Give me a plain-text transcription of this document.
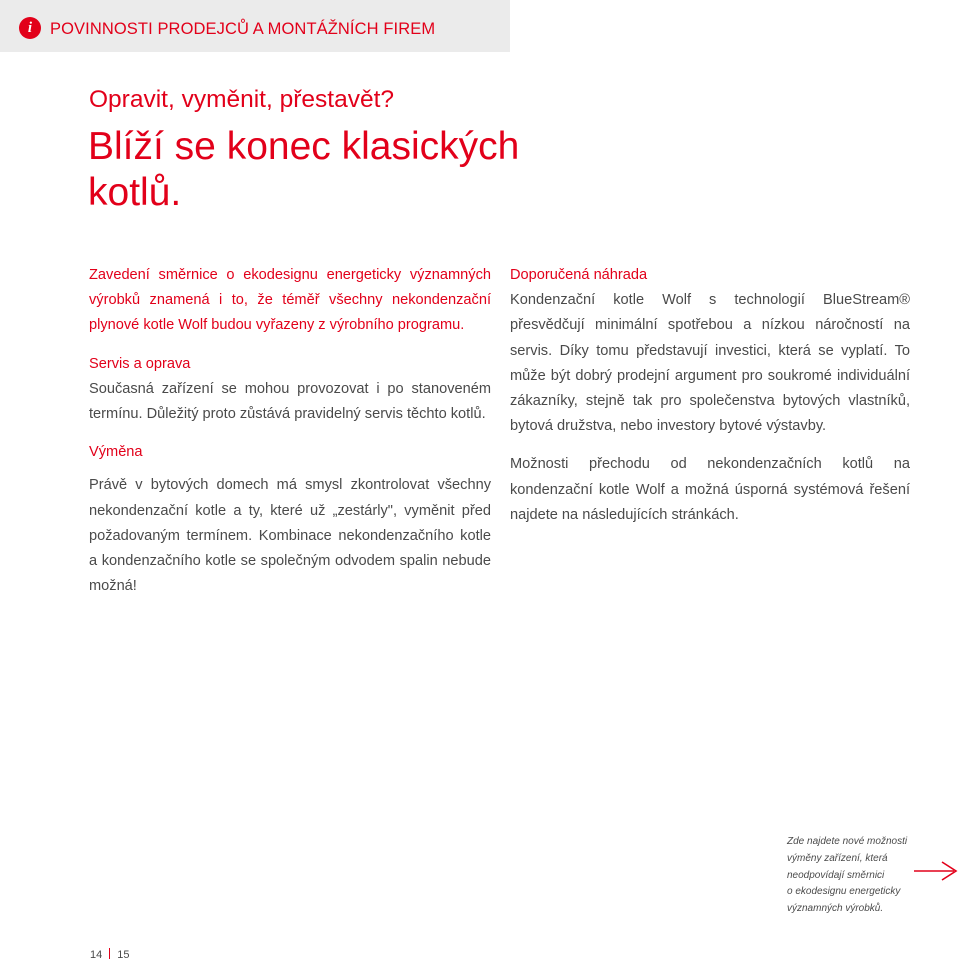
i	POVINNOSTI PRODEJCŮ A MONTÁŽNÍCH FIREM
Opravit, vyměnit, přestavět?
Blíží se konec klasických kotlů.

Zavedení směrnice o ekodesignu energeticky významných výrobků znamená i to, že téměř všechny nekondenzační plynové kotle Wolf budou vyřazeny z výrobního programu.

Servis a oprava

Současná zařízení se mohou provozovat i po stanoveném termínu. Důležitý proto zůstává pravidelný servis těchto kotlů.

Výměna

Právě v bytových domech má smysl zkontrolovat všechny nekondenzační kotle a ty, které už „zestárly", vyměnit před požadovaným termínem. Kombinace nekondenzačního kotle a kondenzačního kotle se společným odvodem spalin nebude možná!

Doporučená náhrada

Kondenzační kotle Wolf s technologií BlueStream® přesvědčují minimální spotřebou a nízkou náročností na servis. Díky tomu představují investici, která se vyplatí. To může být dobrý prodejní argument pro soukromé individuální zákazníky, stejně tak pro společenstva bytových vlastníků, bytová družstva, nebo investory bytové výstavby.

Možnosti přechodu od nekondenzačních kotlů na kondenzační kotle Wolf a možná úsporná systémová řešení najdete na následujících stránkách.

Zde najdete nové možnosti
výměny zařízení, která
neodpovídají směrnici
o ekodesignu energeticky
významných výrobků.
14 15
